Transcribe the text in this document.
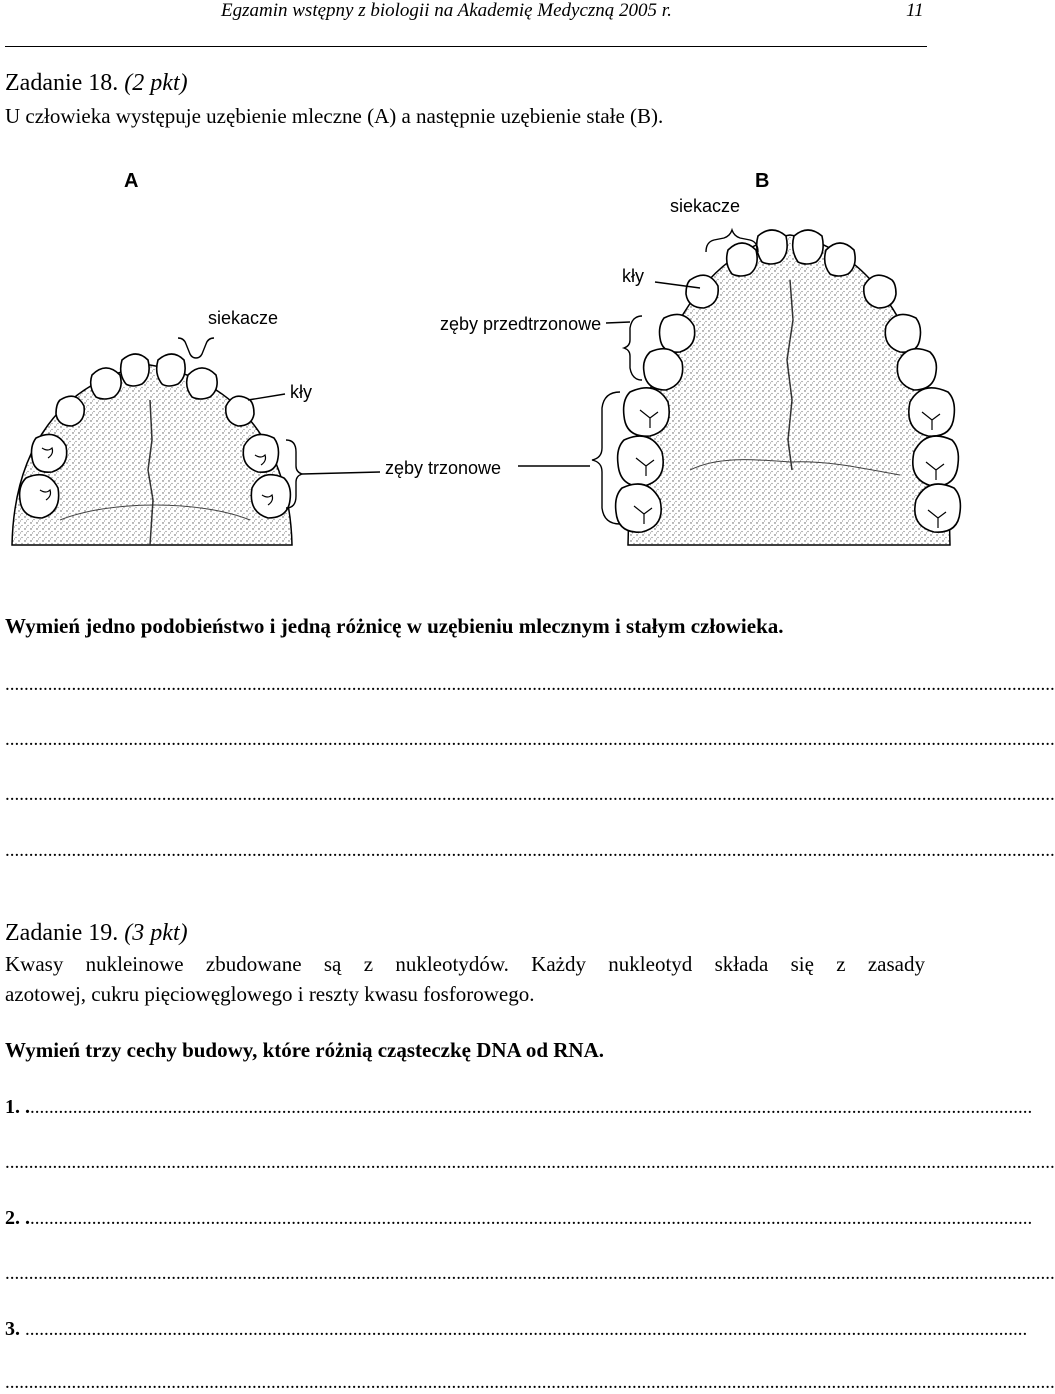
Egzamin wstępny z biologii na Akademię Medyczną 2005 r.	11
Zadanie 18. (2 pkt)
U człowieka występuje uzębienie mleczne (A) a następnie uzębienie stałe (B).
A	B
siekacze
kły
siekacze	zęby przedtrzonowe
kły
zęby trzonowe
Wymień jedno podobieństwo i jedną różnicę w uzębieniu mlecznym i stałym człowieka.
.............................................................................................................................................................................................................................
.............................................................................................................................................................................................................................
.............................................................................................................................................................................................................................
.............................................................................................................................................................................................................................
Zadanie 19. (3 pkt)
Kwasy nukleinowe zbudowane są z nukleotydów. Każdy nukleotyd składa się z zasady
azotowej, cukru pięciowęglowego i reszty kwasu fosforowego.
Wymień trzy cechy budowy, które różnią cząsteczkę DNA od RNA.
1. ....................................................................................................................................................................................................................
.............................................................................................................................................................................................................................
2. ....................................................................................................................................................................................................................
.............................................................................................................................................................................................................................
3. ...................................................................................................................................................................................................................
.............................................................................................................................................................................................................................
